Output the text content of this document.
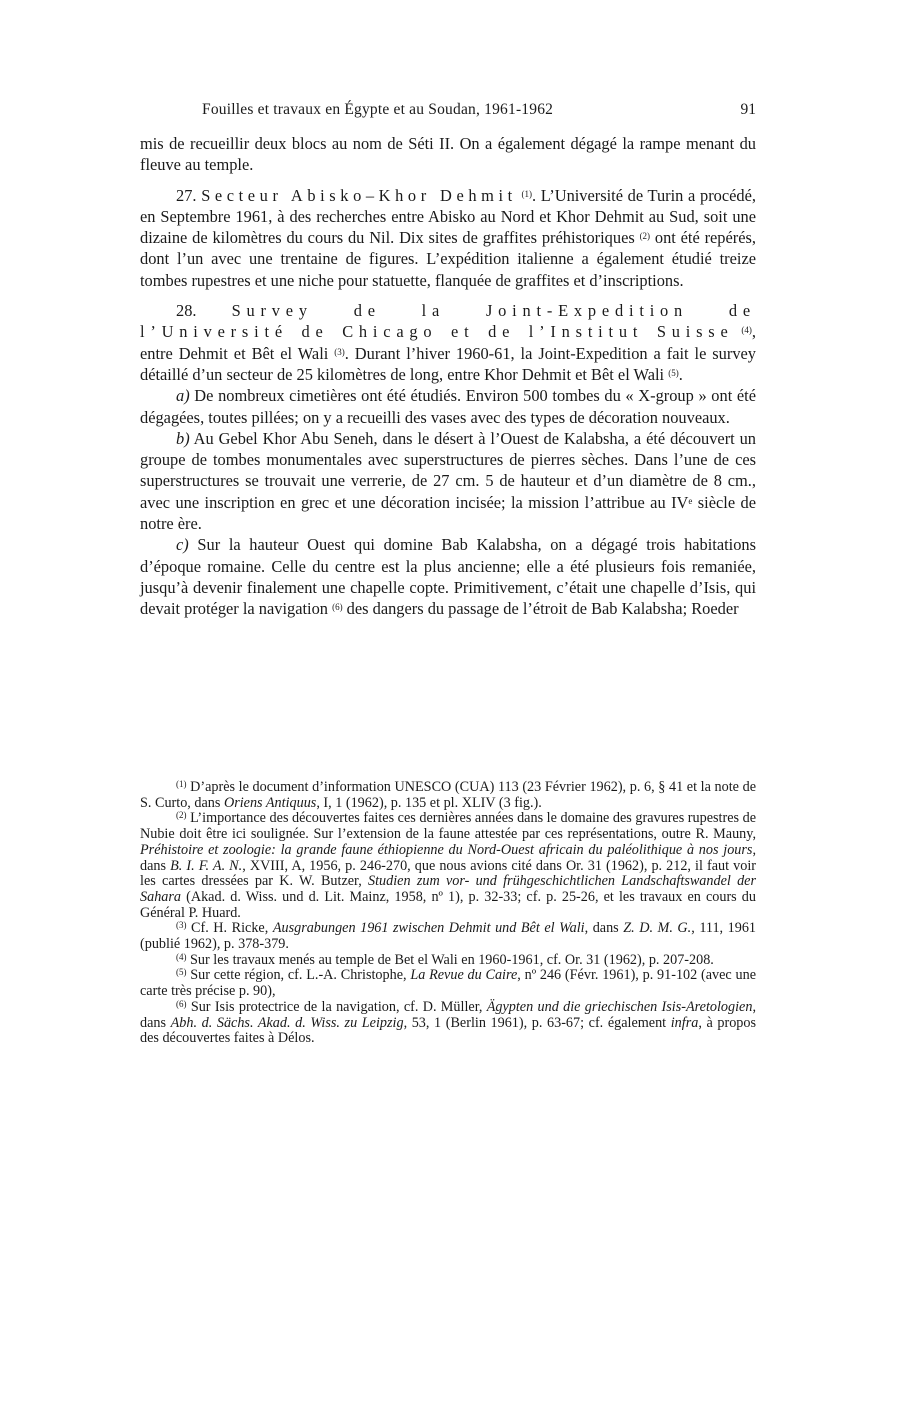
Fouilles et travaux en Égypte et au Soudan, 1961-1962	91

mis de recueillir deux blocs au nom de Séti II. On a également dégagé la rampe menant du fleuve au temple.

27. Secteur Abisko–Khor Dehmit $^{(1)}$. L’Université de Turin a procédé, en Septembre 1961, à des recherches entre Abisko au Nord et Khor Dehmit au Sud, soit une dizaine de kilomètres du cours du Nil. Dix sites de graffites préhistoriques $^{(2)}$ ont été repérés, dont l’un avec une trentaine de figures. L’expédition italienne a également étudié treize tombes rupestres et une niche pour statuette, flanquée de graffites et d’inscriptions.

28. Survey de la Joint-Expedition de l’Université de Chicago et de l’Institut Suisse $^{(4)}$, entre Dehmit et Bêt el Wali $^{(3)}$. Durant l’hiver 1960-61, la Joint-Expedition a fait le survey détaillé d’un secteur de 25 kilomètres de long, entre Khor Dehmit et Bêt el Wali $^{(5)}$.

a) De nombreux cimetières ont été étudiés. Environ 500 tombes du « X-group » ont été dégagées, toutes pillées; on y a recueilli des vases avec des types de décoration nouveaux.

b) Au Gebel Khor Abu Seneh, dans le désert à l’Ouest de Kalabsha, a été découvert un groupe de tombes monumentales avec superstructures de pierres sèches. Dans l’une de ces superstructures se trouvait une verrerie, de 27 cm. 5 de hauteur et d’un diamètre de 8 cm., avec une inscription en grec et une décoration incisée; la mission l’attribue au IVe siècle de notre ère.

c) Sur la hauteur Ouest qui domine Bab Kalabsha, on a dégagé trois habitations d’époque romaine. Celle du centre est la plus ancienne; elle a été plusieurs fois remaniée, jusqu’à devenir finalement une chapelle copte. Primitivement, c’était une chapelle d’Isis, qui devait protéger la navigation $^{(6)}$ des dangers du passage de l’étroit de Bab Kalabsha; Roeder

$^{(1)}$ D’après le document d’information UNESCO (CUA) 113 (23 Février 1962), p. 6, § 41 et la note de S. Curto, dans Oriens Antiquus, I, 1 (1962), p. 135 et pl. XLIV (3 fig.).

$^{(2)}$ L’importance des découvertes faites ces dernières années dans le domaine des gravures rupestres de Nubie doit être ici soulignée. Sur l’extension de la faune attestée par ces représentations, outre R. Mauny, Préhistoire et zoologie: la grande faune éthiopienne du Nord-Ouest africain du paléolithique à nos jours, dans B. I. F. A. N., XVIII, A, 1956, p. 246-270, que nous avions cité dans Or. 31 (1962), p. 212, il faut voir les cartes dressées par K. W. Butzer, Studien zum vor- und frühgeschichtlichen Landschaftswandel der Sahara (Akad. d. Wiss. und d. Lit. Mainz, 1958, nº 1), p. 32-33; cf. p. 25-26, et les travaux en cours du Général P. Huard.

$^{(3)}$ Cf. H. Ricke, Ausgrabungen 1961 zwischen Dehmit und Bêt el Wali, dans Z. D. M. G., 111, 1961 (publié 1962), p. 378-379.

$^{(4)}$ Sur les travaux menés au temple de Bet el Wali en 1960-1961, cf. Or. 31 (1962), p. 207-208.

$^{(5)}$ Sur cette région, cf. L.-A. Christophe, La Revue du Caire, nº 246 (Févr. 1961), p. 91-102 (avec une carte très précise p. 90),

$^{(6)}$ Sur Isis protectrice de la navigation, cf. D. Müller, Ägypten und die griechischen Isis-Aretologien, dans Abh. d. Sächs. Akad. d. Wiss. zu Leipzig, 53, 1 (Berlin 1961), p. 63-67; cf. également infra, à propos des découvertes faites à Délos.
